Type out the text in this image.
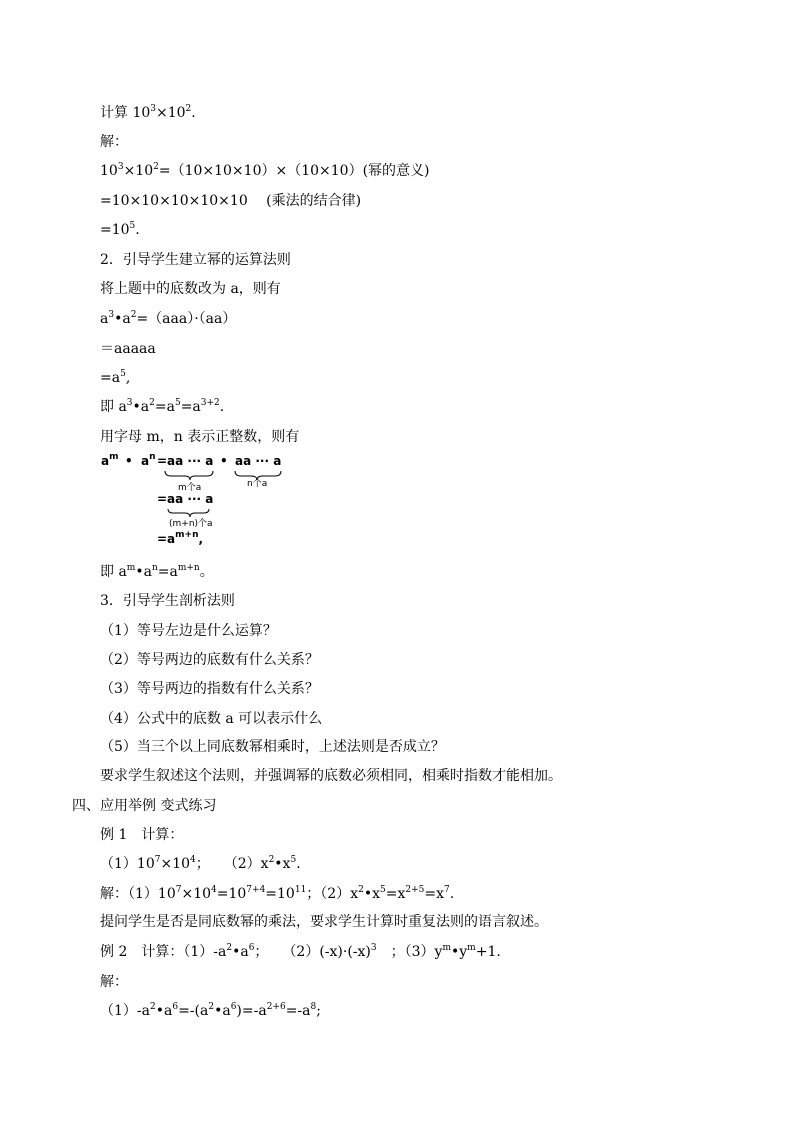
计算 $10^3\times 10^2$.
解：
$10^3\times 10^2=(10\times 10\times 10)\times(10\times 10)$(幂的意义)
=10×10×10×10×10　 (乘法的结合律)
$=10^5$.
2．引导学生建立幂的运算法则
将上题中的底数改为 a，则有
$a^3•a^2=(aaa)\cdot(aa)$
＝aaaaa
$=a^5$,
即 $a^3•a^2=a^5=a^{3+2}$.
用字母 m，n 表示正整数，则有
即 $a^m•a^n=a^{m+n}$。
3．引导学生剖析法则
（1）等号左边是什么运算？
（2）等号两边的底数有什么关系？
（3）等号两边的指数有什么关系？
（4）公式中的底数 a 可以表示什么
（5）当三个以上同底数幂相乘时，上述法则是否成立？
要求学生叙述这个法则，并强调幂的底数必须相同，相乘时指数才能相加。
四、应用举例 变式练习
例 1　计算：
$(1)10^7\times 10^4$；　　$(2)x^2•x^5$.
解：$(1)10^7\times 10^4=10^{7+4}=10^{11}$；$(2)x^2•x^5=x^{2+5}=x^7$.
提问学生是否是同底数幂的乘法，要求学生计算时重复法则的语言叙述。
例 2　计算：$(1)-a^2•a^6$；　　$(2)(-x)\cdot(-x)^3$　；$(3)y^m•y^m+1$.
解：
$(1)-a^2•a^6=-(a^2•a^6)=-a^{2+6}=-a^8$;
$a^m$ • $a^n =aa$ ··· a • aa ··· a
m个a	n个a
=aa ··· a
(m+n)个a
$=a^{m+n}$,
